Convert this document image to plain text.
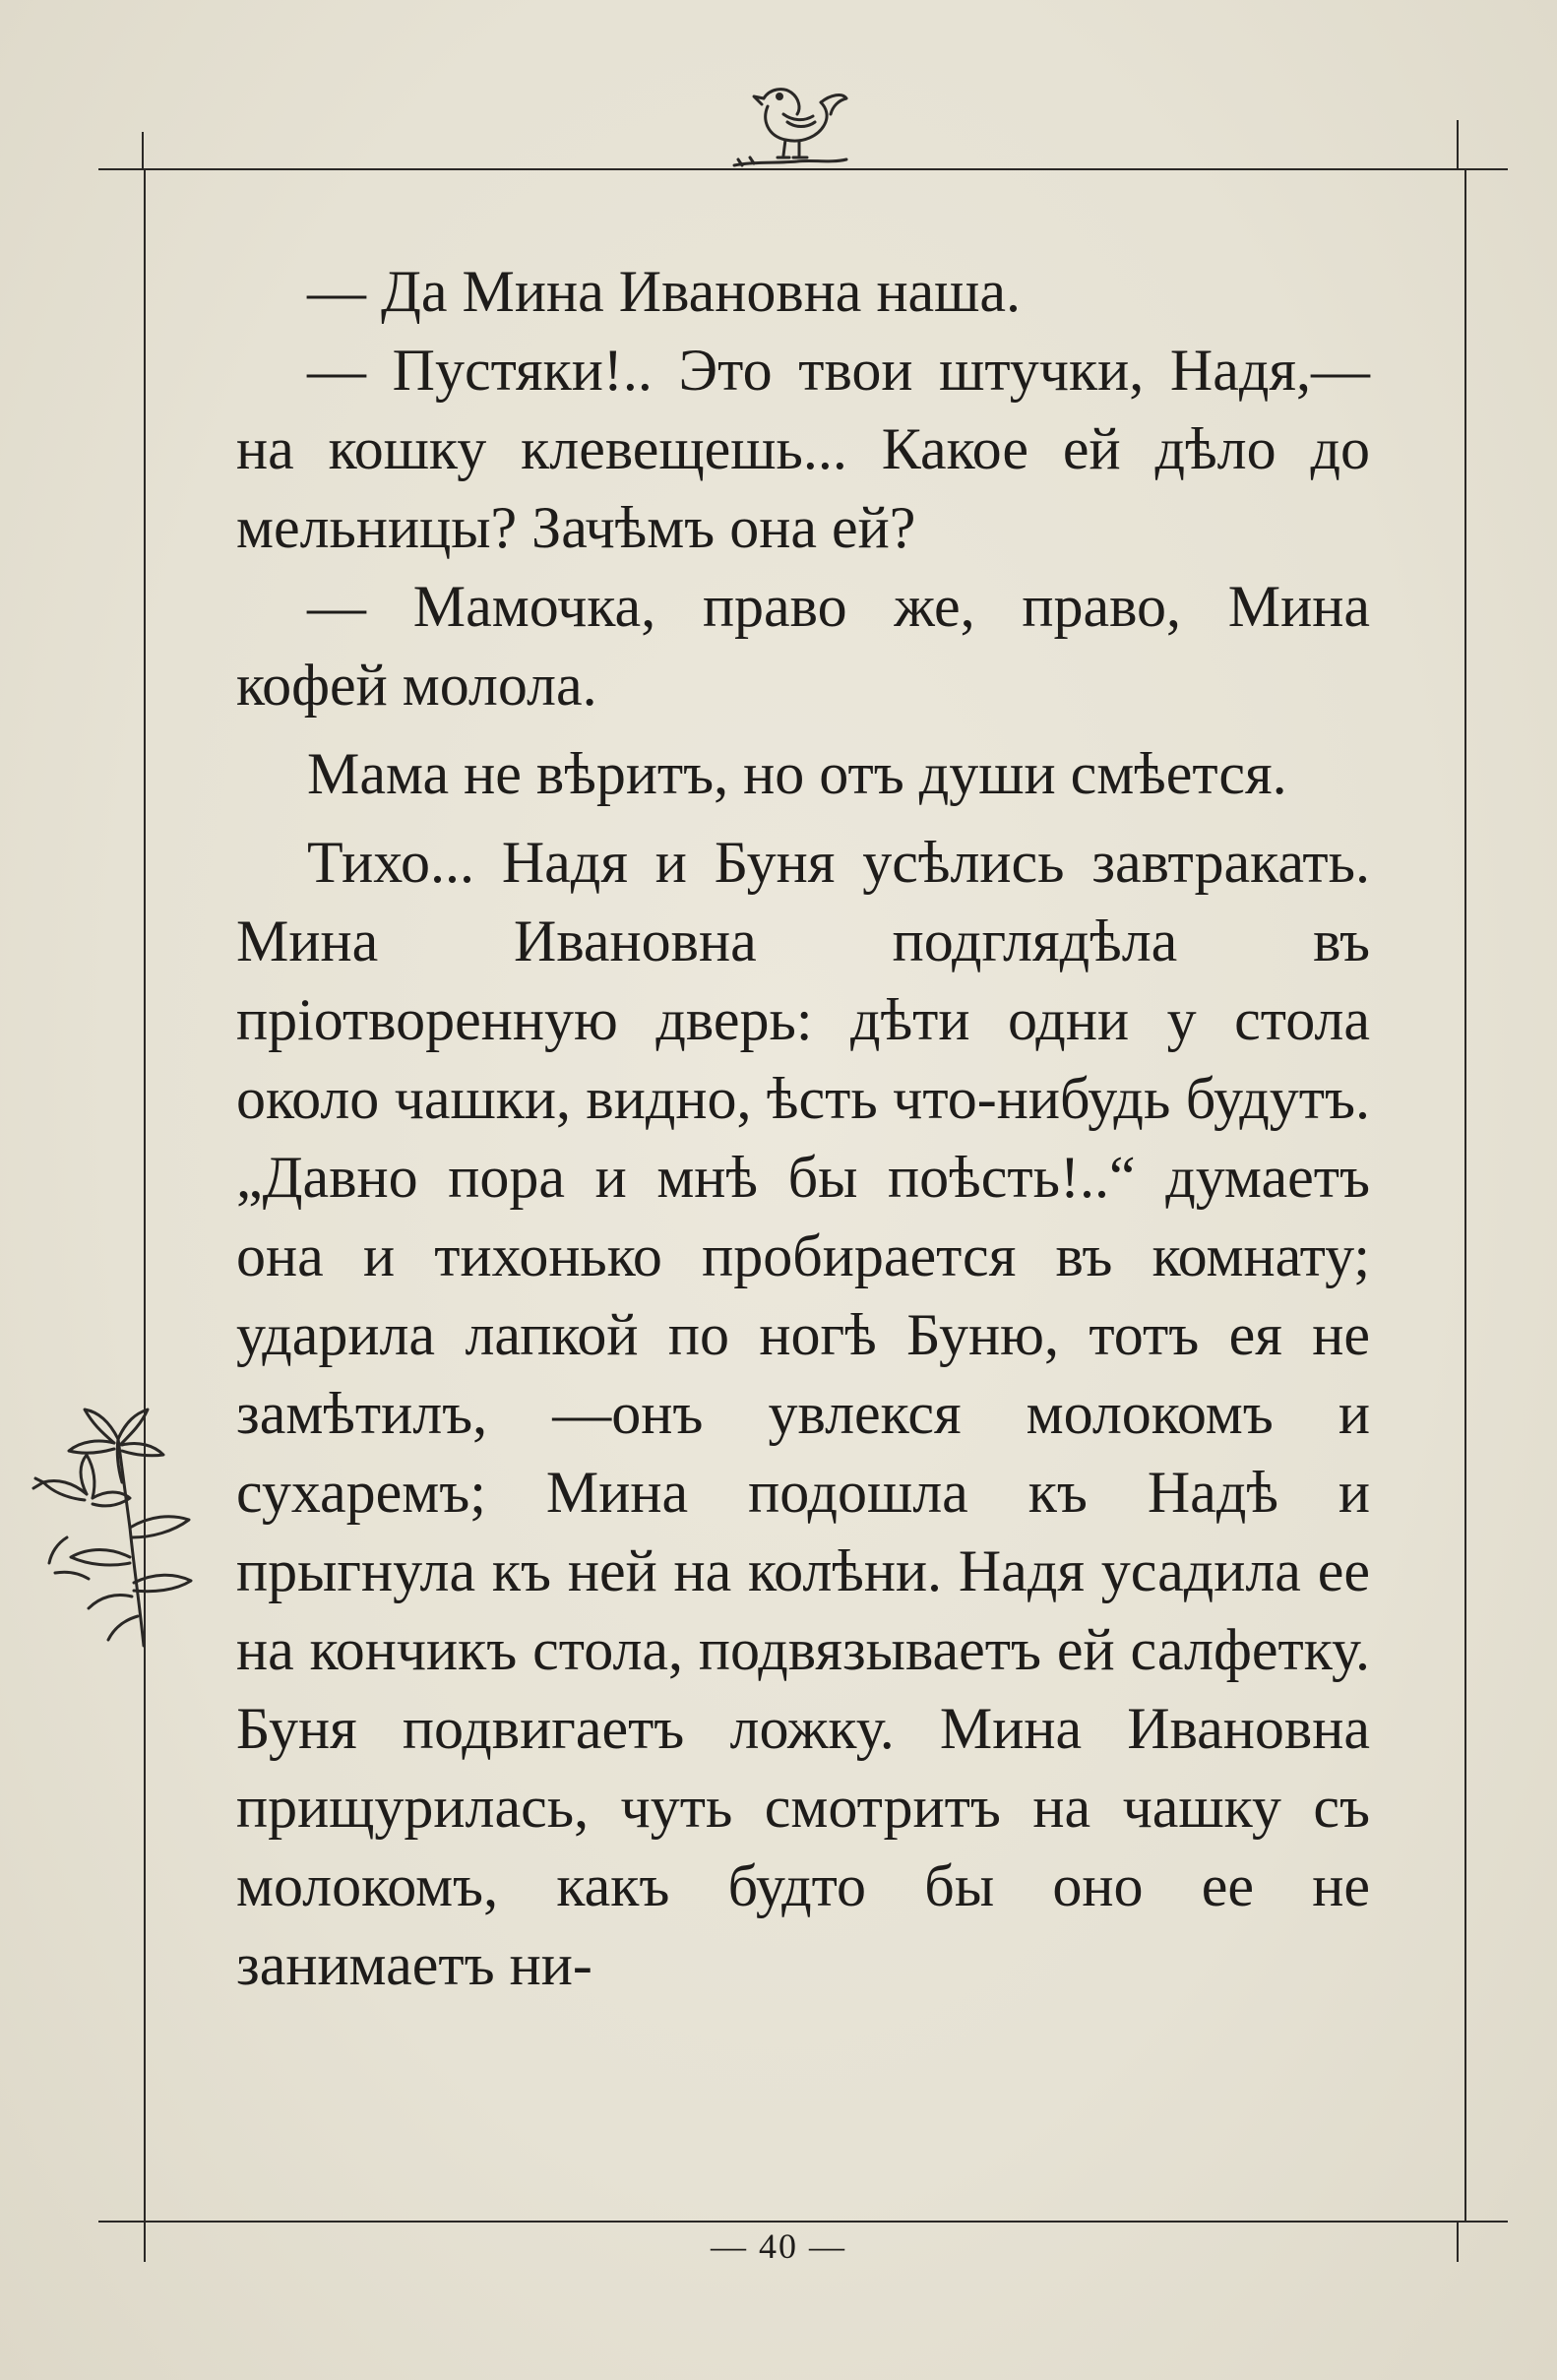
— Да Мина Ивановна наша.

— Пустяки!.. Это твои штучки, Надя,—на кошку клевещешь... Какое ей дѣло до мельницы? Зачѣмъ она ей?

— Мамочка, право же, право, Мина кофей молола.

Мама не вѣритъ, но отъ души смѣется.

Тихо... Надя и Буня усѣлись завтракать. Мина Ивановна подглядѣла въ пріотворенную дверь: дѣти одни у стола около чашки, видно, ѣсть что-нибудь будутъ. „Давно пора и мнѣ бы поѣсть!..“ думаетъ она и тихонько пробирается въ комнату; ударила лапкой по ногѣ Буню, тотъ ея не замѣтилъ, —онъ увлекся молокомъ и сухаремъ; Мина подошла къ Надѣ и прыгнула къ ней на колѣни. Надя усадила ее на кончикъ стола, подвязываетъ ей салфетку. Буня подвигаетъ ложку. Мина Ивановна прищурилась, чуть смотритъ на чашку съ молокомъ, какъ будто бы оно ее не занимаетъ ни-

— 40 —
